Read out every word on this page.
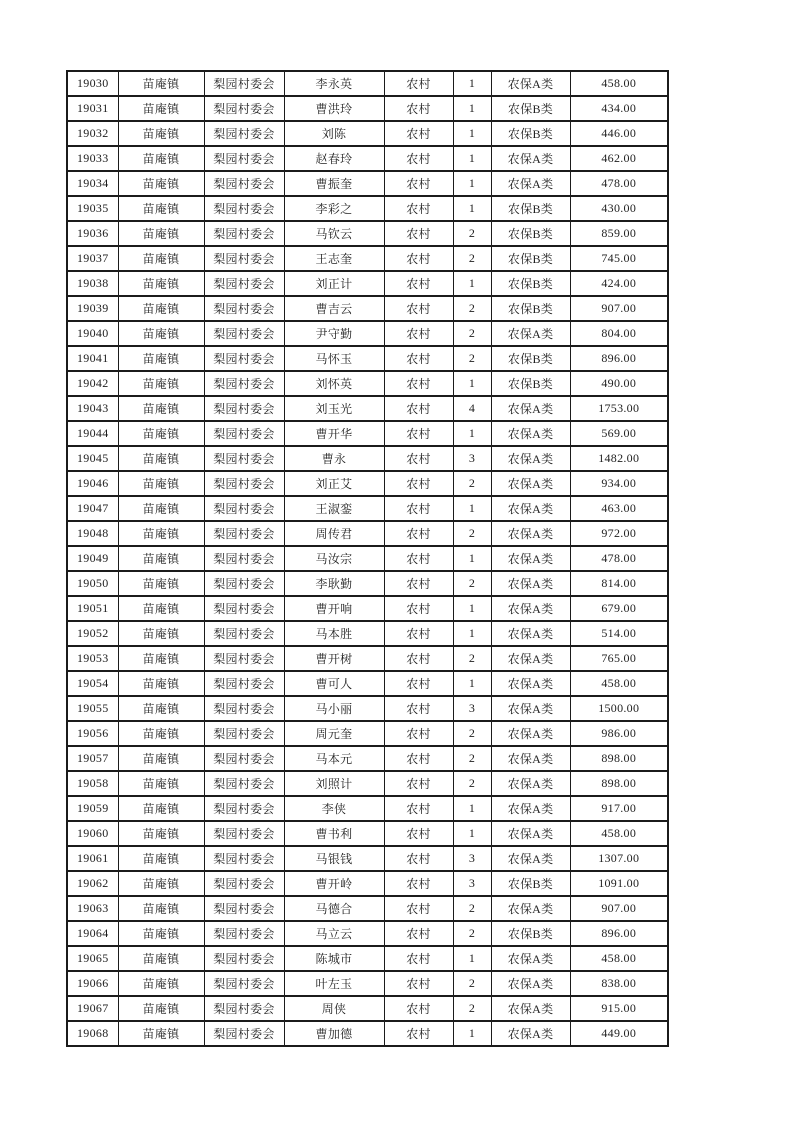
19030	苗庵镇	梨园村委会	李永英	农村	1	农保A类	458.00
19031	苗庵镇	梨园村委会	曹洪玲	农村	1	农保B类	434.00
19032	苗庵镇	梨园村委会	刘陈	农村	1	农保B类	446.00
19033	苗庵镇	梨园村委会	赵春玲	农村	1	农保A类	462.00
19034	苗庵镇	梨园村委会	曹振奎	农村	1	农保A类	478.00
19035	苗庵镇	梨园村委会	李彩之	农村	1	农保B类	430.00
19036	苗庵镇	梨园村委会	马钦云	农村	2	农保B类	859.00
19037	苗庵镇	梨园村委会	王志奎	农村	2	农保B类	745.00
19038	苗庵镇	梨园村委会	刘正计	农村	1	农保B类	424.00
19039	苗庵镇	梨园村委会	曹吉云	农村	2	农保B类	907.00
19040	苗庵镇	梨园村委会	尹守勤	农村	2	农保A类	804.00
19041	苗庵镇	梨园村委会	马怀玉	农村	2	农保B类	896.00
19042	苗庵镇	梨园村委会	刘怀英	农村	1	农保B类	490.00
19043	苗庵镇	梨园村委会	刘玉光	农村	4	农保A类	1753.00
19044	苗庵镇	梨园村委会	曹开华	农村	1	农保A类	569.00
19045	苗庵镇	梨园村委会	曹永	农村	3	农保A类	1482.00
19046	苗庵镇	梨园村委会	刘正艾	农村	2	农保A类	934.00
19047	苗庵镇	梨园村委会	王淑銮	农村	1	农保A类	463.00
19048	苗庵镇	梨园村委会	周传君	农村	2	农保A类	972.00
19049	苗庵镇	梨园村委会	马汝宗	农村	1	农保A类	478.00
19050	苗庵镇	梨园村委会	李耿勤	农村	2	农保A类	814.00
19051	苗庵镇	梨园村委会	曹开响	农村	1	农保A类	679.00
19052	苗庵镇	梨园村委会	马本胜	农村	1	农保A类	514.00
19053	苗庵镇	梨园村委会	曹开树	农村	2	农保A类	765.00
19054	苗庵镇	梨园村委会	曹可人	农村	1	农保A类	458.00
19055	苗庵镇	梨园村委会	马小丽	农村	3	农保A类	1500.00
19056	苗庵镇	梨园村委会	周元奎	农村	2	农保A类	986.00
19057	苗庵镇	梨园村委会	马本元	农村	2	农保A类	898.00
19058	苗庵镇	梨园村委会	刘照计	农村	2	农保A类	898.00
19059	苗庵镇	梨园村委会	李侠	农村	1	农保A类	917.00
19060	苗庵镇	梨园村委会	曹书利	农村	1	农保A类	458.00
19061	苗庵镇	梨园村委会	马银钱	农村	3	农保A类	1307.00
19062	苗庵镇	梨园村委会	曹开岭	农村	3	农保B类	1091.00
19063	苗庵镇	梨园村委会	马德合	农村	2	农保A类	907.00
19064	苗庵镇	梨园村委会	马立云	农村	2	农保B类	896.00
19065	苗庵镇	梨园村委会	陈城市	农村	1	农保A类	458.00
19066	苗庵镇	梨园村委会	叶左玉	农村	2	农保A类	838.00
19067	苗庵镇	梨园村委会	周侠	农村	2	农保A类	915.00
19068	苗庵镇	梨园村委会	曹加德	农村	1	农保A类	449.00
